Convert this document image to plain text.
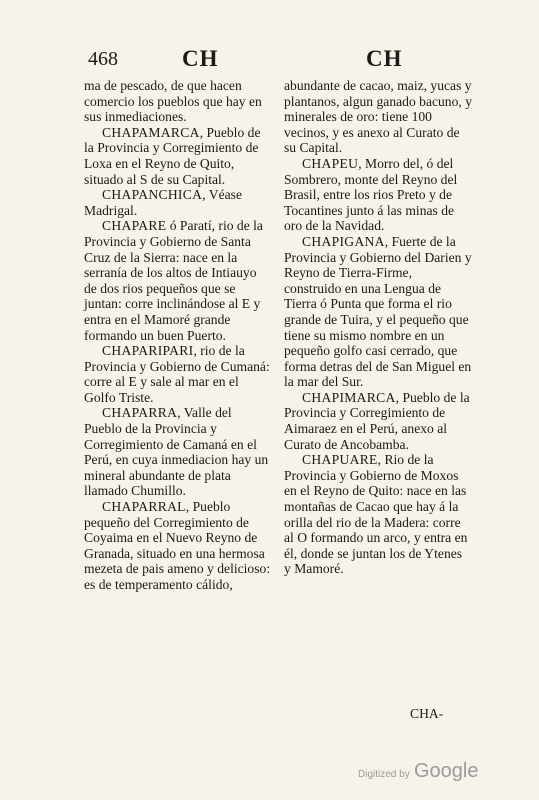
468	CH	CH

ma de pescado, de que hacen comercio los pueblos que hay en sus inmediaciones.

CHAPAMARCA, Pueblo de la Provincia y Corregimiento de Loxa en el Reyno de Quito, situado al S de su Capital.

CHAPANCHICA, Véase Madrigal.

CHAPARE ó Paratí, rio de la Provincia y Gobierno de Santa Cruz de la Sierra: nace en la serranía de los altos de Intiauyo de dos rios pequeños que se juntan: corre inclinándose al E y entra en el Mamoré grande formando un buen Puerto.

CHAPARIPARI, rio de la Provincia y Gobierno de Cumaná: corre al E y sale al mar en el Golfo Triste.

CHAPARRA, Valle del Pueblo de la Provincia y Corregimiento de Camaná en el Perú, en cuya inmediacion hay un mineral abundante de plata llamado Chumillo.

CHAPARRAL, Pueblo pequeño del Corregimiento de Coyaima en el Nuevo Reyno de Granada, situado en una hermosa mezeta de pais ameno y delicioso: es de temperamento cálido,

abundante de cacao, maiz, yucas y plantanos, algun ganado bacuno, y minerales de oro: tiene 100 vecinos, y es anexo al Curato de su Capital.

CHAPEU, Morro del, ó del Sombrero, monte del Reyno del Brasil, entre los rios Preto y de Tocantines junto á las minas de oro de la Navidad.

CHAPIGANA, Fuerte de la Provincia y Gobierno del Darien y Reyno de Tierra-Firme, construido en una Lengua de Tierra ó Punta que forma el rio grande de Tuira, y el pequeño que tiene su mismo nombre en un pequeño golfo casi cerrado, que forma detras del de San Miguel en la mar del Sur.

CHAPIMARCA, Pueblo de la Provincia y Corregimiento de Aimaraez en el Perú, anexo al Curato de Ancobamba.

CHAPUARE, Rio de la Provincia y Gobierno de Moxos en el Reyno de Quito: nace en las montañas de Cacao que hay á la orilla del rio de la Madera: corre al O formando un arco, y entra en él, donde se juntan los de Ytenes y Mamoré.

CHA-
Digitized by Google
